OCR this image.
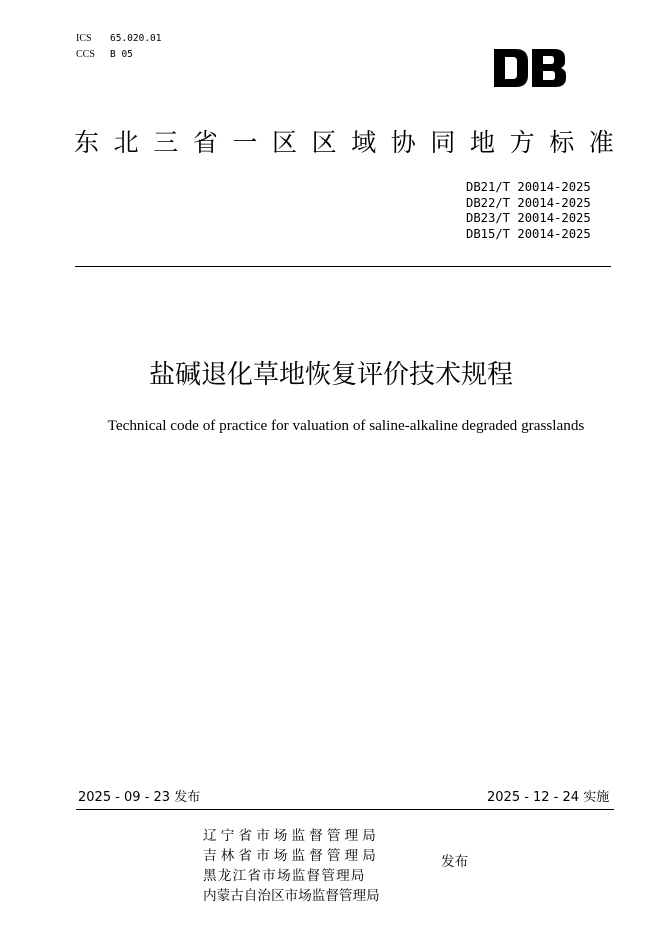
ICS 65.020.01
CCS B 05
东北三省一区区域协同地方标准
DB21/T 20014-2025
DB22/T 20014-2025
DB23/T 20014-2025
DB15/T 20014-2025
盐碱退化草地恢复评价技术规程
Technical code of practice for valuation of saline-alkaline degraded grasslands
2025 - 09 - 23 发布	2025 - 12 - 24 实施
辽宁省市场监督管理局
吉林省市场监督管理局
黑龙江省市场监督管理局
内蒙古自治区市场监督管理局
发布
